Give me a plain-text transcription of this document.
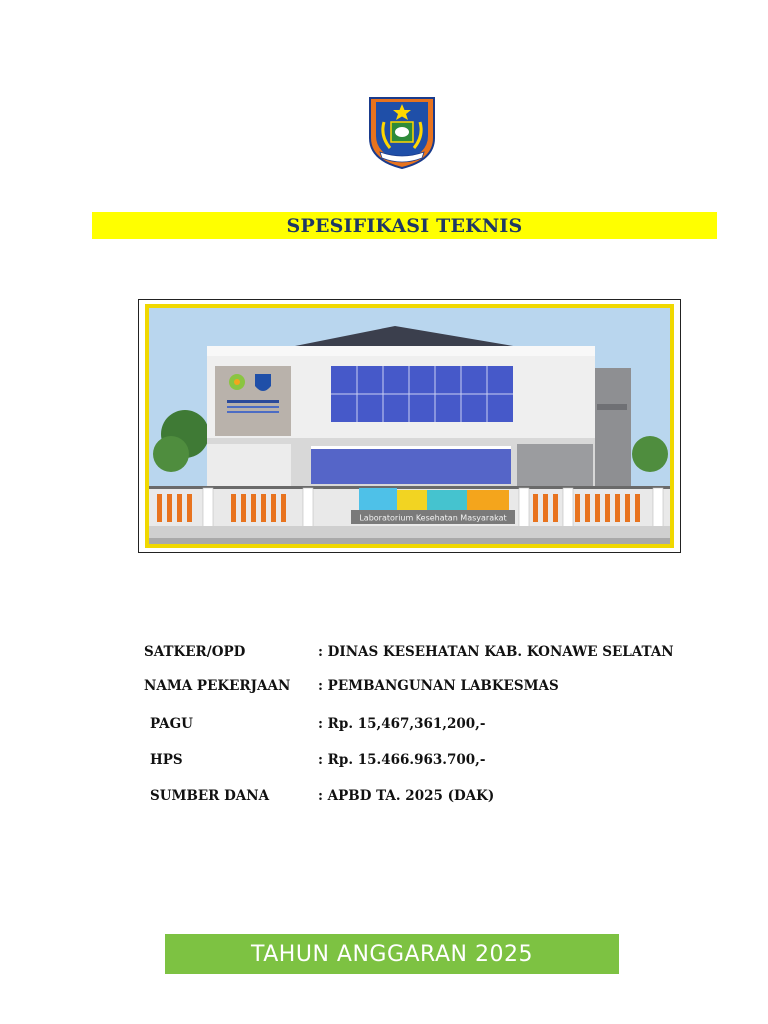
SPESIFIKASI TEKNIS
Laboratorium Kesehatan Masyarakat
SATKER/OPD	: DINAS KESEHATAN KAB. KONAWE SELATAN
NAMA PEKERJAAN : PEMBANGUNAN LABKESMAS
PAGU	: Rp. 15,467,361,200,-
HPS	: Rp. 15.466.963.700,-
SUMBER DANA	: APBD TA. 2025 (DAK)
TAHUN ANGGARAN 2025
